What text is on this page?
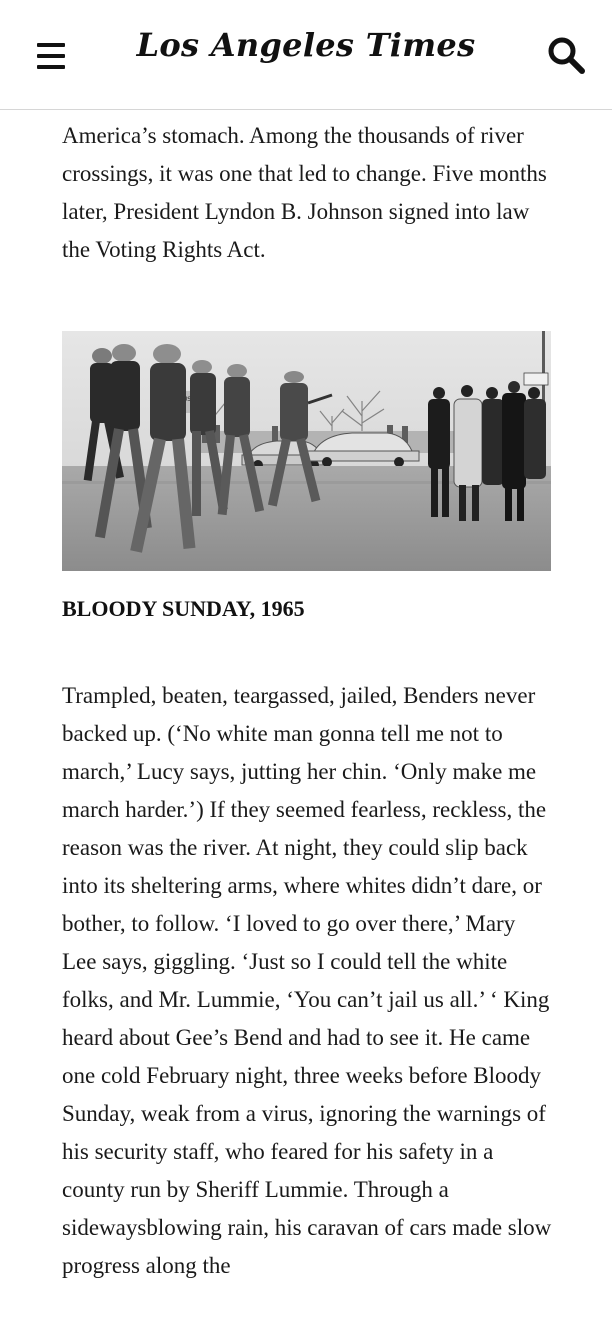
Los Angeles Times

America’s stomach. Among the thousands of river crossings, it was one that led to change. Five months later, President Lyndon B. Johnson signed into law the Voting Rights Act.

BLOODY SUNDAY, 1965

Trampled, beaten, teargassed, jailed, Benders never backed up. (‘No white man gonna tell me not to march,’ Lucy says, jutting her chin. ‘Only make me march harder.’) If they seemed fearless, reckless, the reason was the river. At night, they could slip back into its sheltering arms, where whites didn’t dare, or bother, to follow. ‘I loved to go over there,’ Mary Lee says, giggling. ‘Just so I could tell the white folks, and Mr. Lummie, ‘You can’t jail us all.’ ‘ King heard about Gee’s Bend and had to see it. He came one cold February night, three weeks before Bloody Sunday, weak from a virus, ignoring the warnings of his security staff, who feared for his safety in a county run by Sheriff Lummie. Through a sidewaysblowing rain, his caravan of cars made slow progress along the
